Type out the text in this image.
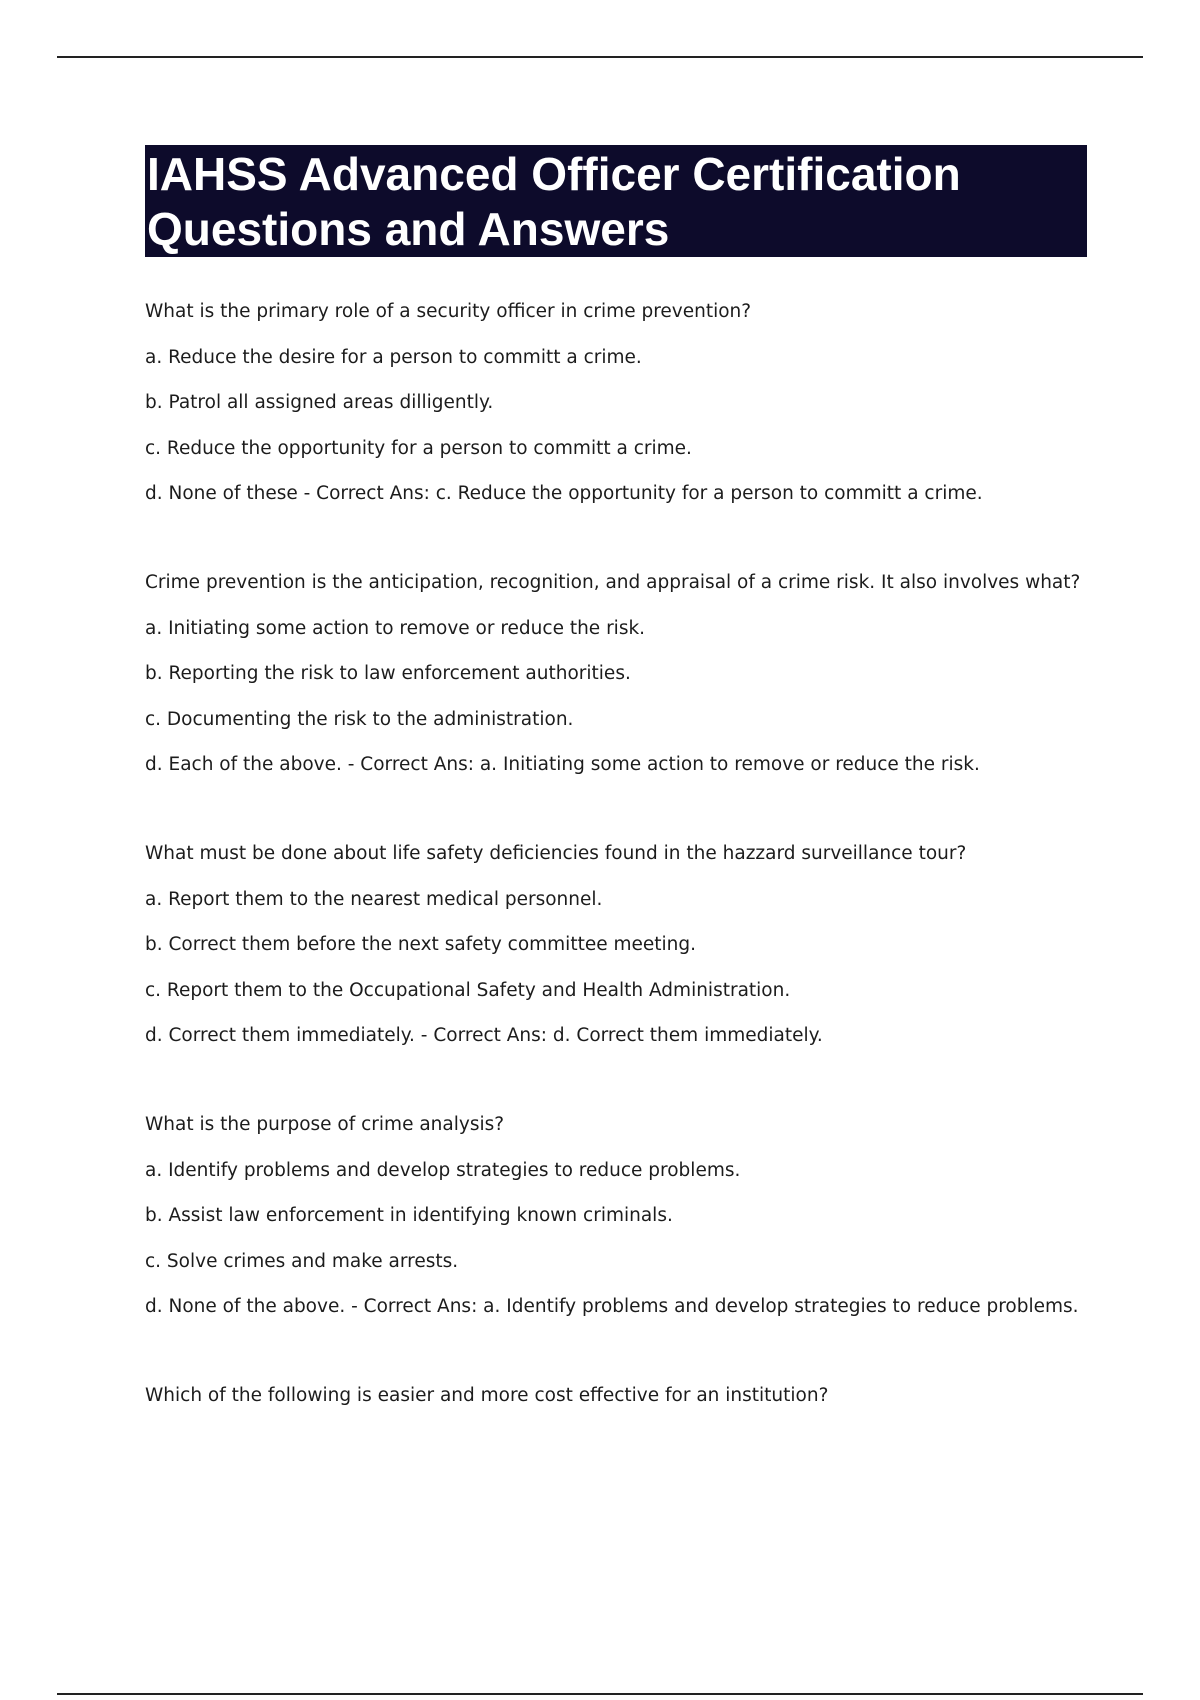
IAHSS Advanced Officer Certification
Questions and Answers
What is the primary role of a security officer in crime prevention?
a. Reduce the desire for a person to committ a crime.
b. Patrol all assigned areas dilligently.
c. Reduce the opportunity for a person to committ a crime.
d. None of these - Correct Ans: c. Reduce the opportunity for a person to committ a crime.
Crime prevention is the anticipation, recognition, and appraisal of a crime risk. It also involves what?
a. Initiating some action to remove or reduce the risk.
b. Reporting the risk to law enforcement authorities.
c. Documenting the risk to the administration.
d. Each of the above. - Correct Ans: a. Initiating some action to remove or reduce the risk.
What must be done about life safety deficiencies found in the hazzard surveillance tour?
a. Report them to the nearest medical personnel.
b. Correct them before the next safety committee meeting.
c. Report them to the Occupational Safety and Health Administration.
d. Correct them immediately. - Correct Ans: d. Correct them immediately.
What is the purpose of crime analysis?
a. Identify problems and develop strategies to reduce problems.
b. Assist law enforcement in identifying known criminals.
c. Solve crimes and make arrests.
d. None of the above. - Correct Ans: a. Identify problems and develop strategies to reduce problems.
Which of the following is easier and more cost effective for an institution?
